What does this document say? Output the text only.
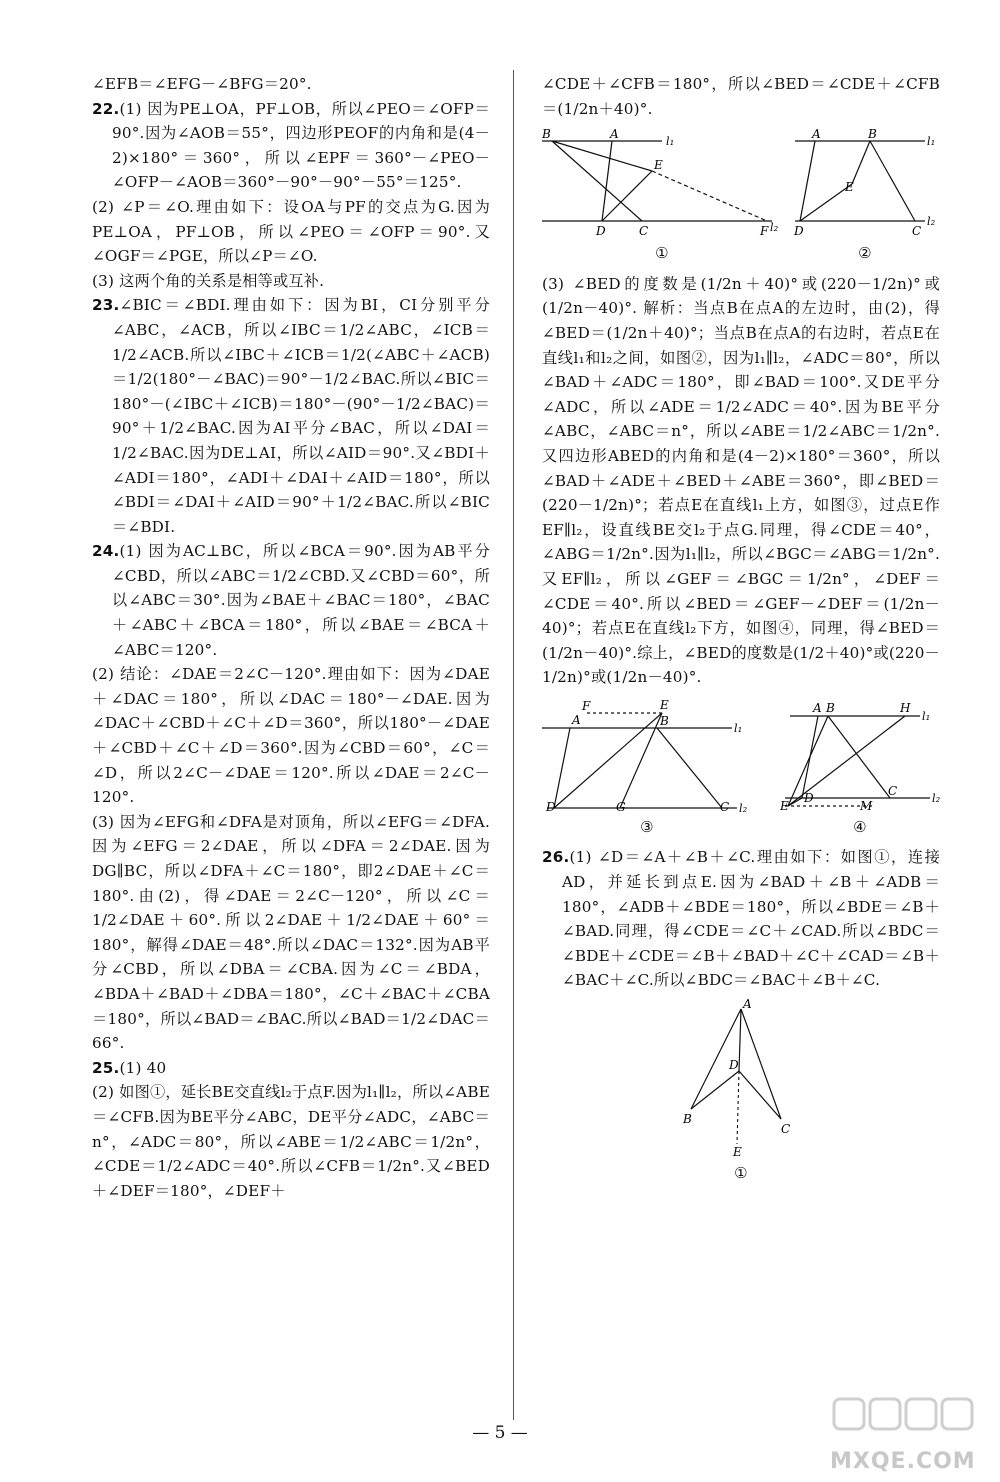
∠EFB＝∠EFG－∠BFG＝20°.

22.(1) 因为PE⊥OA，PF⊥OB，所以∠PEO＝∠OFP＝90°.因为∠AOB＝55°，四边形PEOF的内角和是(4－2)×180°＝360°，所以∠EPF＝360°－∠PEO－∠OFP－∠AOB＝360°－90°－90°－55°＝125°.

(2) ∠P＝∠O.理由如下：设OA与PF的交点为G.因为PE⊥OA，PF⊥OB，所以∠PEO＝∠OFP＝90°.又∠OGF＝∠PGE，所以∠P＝∠O.

(3) 这两个角的关系是相等或互补.

23.∠BIC＝∠BDI.理由如下：因为BI，CI分别平分∠ABC，∠ACB，所以∠IBC＝1/2∠ABC，∠ICB＝1/2∠ACB.所以∠IBC＋∠ICB＝1/2(∠ABC＋∠ACB)＝1/2(180°－∠BAC)＝90°－1/2∠BAC.所以∠BIC＝180°－(∠IBC＋∠ICB)＝180°－(90°－1/2∠BAC)＝90°＋1/2∠BAC.因为AI平分∠BAC，所以∠DAI＝1/2∠BAC.因为DE⊥AI，所以∠AID＝90°.又∠BDI＋∠ADI＝180°，∠ADI＋∠DAI＋∠AID＝180°，所以∠BDI＝∠DAI＋∠AID＝90°＋1/2∠BAC.所以∠BIC＝∠BDI.

24.(1) 因为AC⊥BC，所以∠BCA＝90°.因为AB平分∠CBD，所以∠ABC＝1/2∠CBD.又∠CBD＝60°，所以∠ABC＝30°.因为∠BAE＋∠BAC＝180°，∠BAC＋∠ABC＋∠BCA＝180°，所以∠BAE＝∠BCA＋∠ABC＝120°.

(2) 结论：∠DAE＝2∠C－120°.理由如下：因为∠DAE＋∠DAC＝180°，所以∠DAC＝180°－∠DAE.因为∠DAC＋∠CBD＋∠C＋∠D＝360°，所以180°－∠DAE＋∠CBD＋∠C＋∠D＝360°.因为∠CBD＝60°，∠C＝∠D，所以2∠C－∠DAE＝120°.所以∠DAE＝2∠C－120°.

(3) 因为∠EFG和∠DFA是对顶角，所以∠EFG＝∠DFA.因为∠EFG＝2∠DAE，所以∠DFA＝2∠DAE.因为DG∥BC，所以∠DFA＋∠C＝180°，即2∠DAE＋∠C＝180°.由(2)，得∠DAE＝2∠C－120°，所以∠C＝1/2∠DAE＋60°.所以2∠DAE＋1/2∠DAE＋60°＝180°，解得∠DAE＝48°.所以∠DAC＝132°.因为AB平分∠CBD，所以∠DBA＝∠CBA.因为∠C＝∠BDA，∠BDA＋∠BAD＋∠DBA＝180°，∠C＋∠BAC＋∠CBA＝180°，所以∠BAD＝∠BAC.所以∠BAD＝1/2∠DAC＝66°.

25.(1) 40

(2) 如图①，延长BE交直线l₂于点F.因为l₁∥l₂，所以∠ABE＝∠CFB.因为BE平分∠ABC，DE平分∠ADC，∠ABC＝n°，∠ADC＝80°，所以∠ABE＝1/2∠ABC＝1/2n°，∠CDE＝1/2∠ADC＝40°.所以∠CFB＝1/2n°.又∠BED＋∠DEF＝180°，∠DEF＋

∠CDE＋∠CFB＝180°，所以∠BED＝∠CDE＋∠CFB＝(1/2n＋40)°.

B	A
l₁
E
D	C	F l₂
①
A	B
l₁
E
D	C
l₂
②

(3) ∠BED的度数是(1/2n＋40)°或(220－1/2n)°或(1/2n－40)°. 解析：当点B在点A的左边时，由(2)，得∠BED＝(1/2n＋40)°；当点B在点A的右边时，若点E在直线l₁和l₂之间，如图②，因为l₁∥l₂，∠ADC＝80°，所以∠BAD＋∠ADC＝180°，即∠BAD＝100°.又DE平分∠ADC，所以∠ADE＝1/2∠ADC＝40°.因为BE平分∠ABC，∠ABC＝n°，所以∠ABE＝1/2∠ABC＝1/2n°.又四边形ABED的内角和是(4－2)×180°＝360°，所以∠BAD＋∠ADE＋∠BED＋∠ABE＝360°，即∠BED＝(220－1/2n)°；若点E在直线l₁上方，如图③，过点E作EF∥l₂，设直线BE交l₂于点G.同理，得∠CDE＝40°，∠ABG＝1/2n°.因为l₁∥l₂，所以∠BGC＝∠ABG＝1/2n°.又EF∥l₂，所以∠GEF＝∠BGC＝1/2n°，∠DEF＝∠CDE＝40°.所以∠BED＝∠GEF－∠DEF＝(1/2n－40)°；若点E在直线l₂下方，如图④，同理，得∠BED＝(1/2n－40)°.综上，∠BED的度数是(1/2＋40)°或(220－1/2n)°或(1/2n－40)°.

A
F	E
B
l₁
D	G	C l₂
③
A B	H
l₁
E
D
M
C
l₂
④

26.(1) ∠D＝∠A＋∠B＋∠C.理由如下：如图①，连接AD，并延长到点E.因为∠BAD＋∠B＋∠ADB＝180°，∠ADB＋∠BDE＝180°，所以∠BDE＝∠B＋∠BAD.同理，得∠CDE＝∠C＋∠CAD.所以∠BDC＝∠BDE＋∠CDE＝∠B＋∠BAD＋∠C＋∠CAD＝∠B＋∠BAC＋∠C.所以∠BDC＝∠BAC＋∠B＋∠C.

A
D
B
C
E
①
— 5 —
MXQE.COM
